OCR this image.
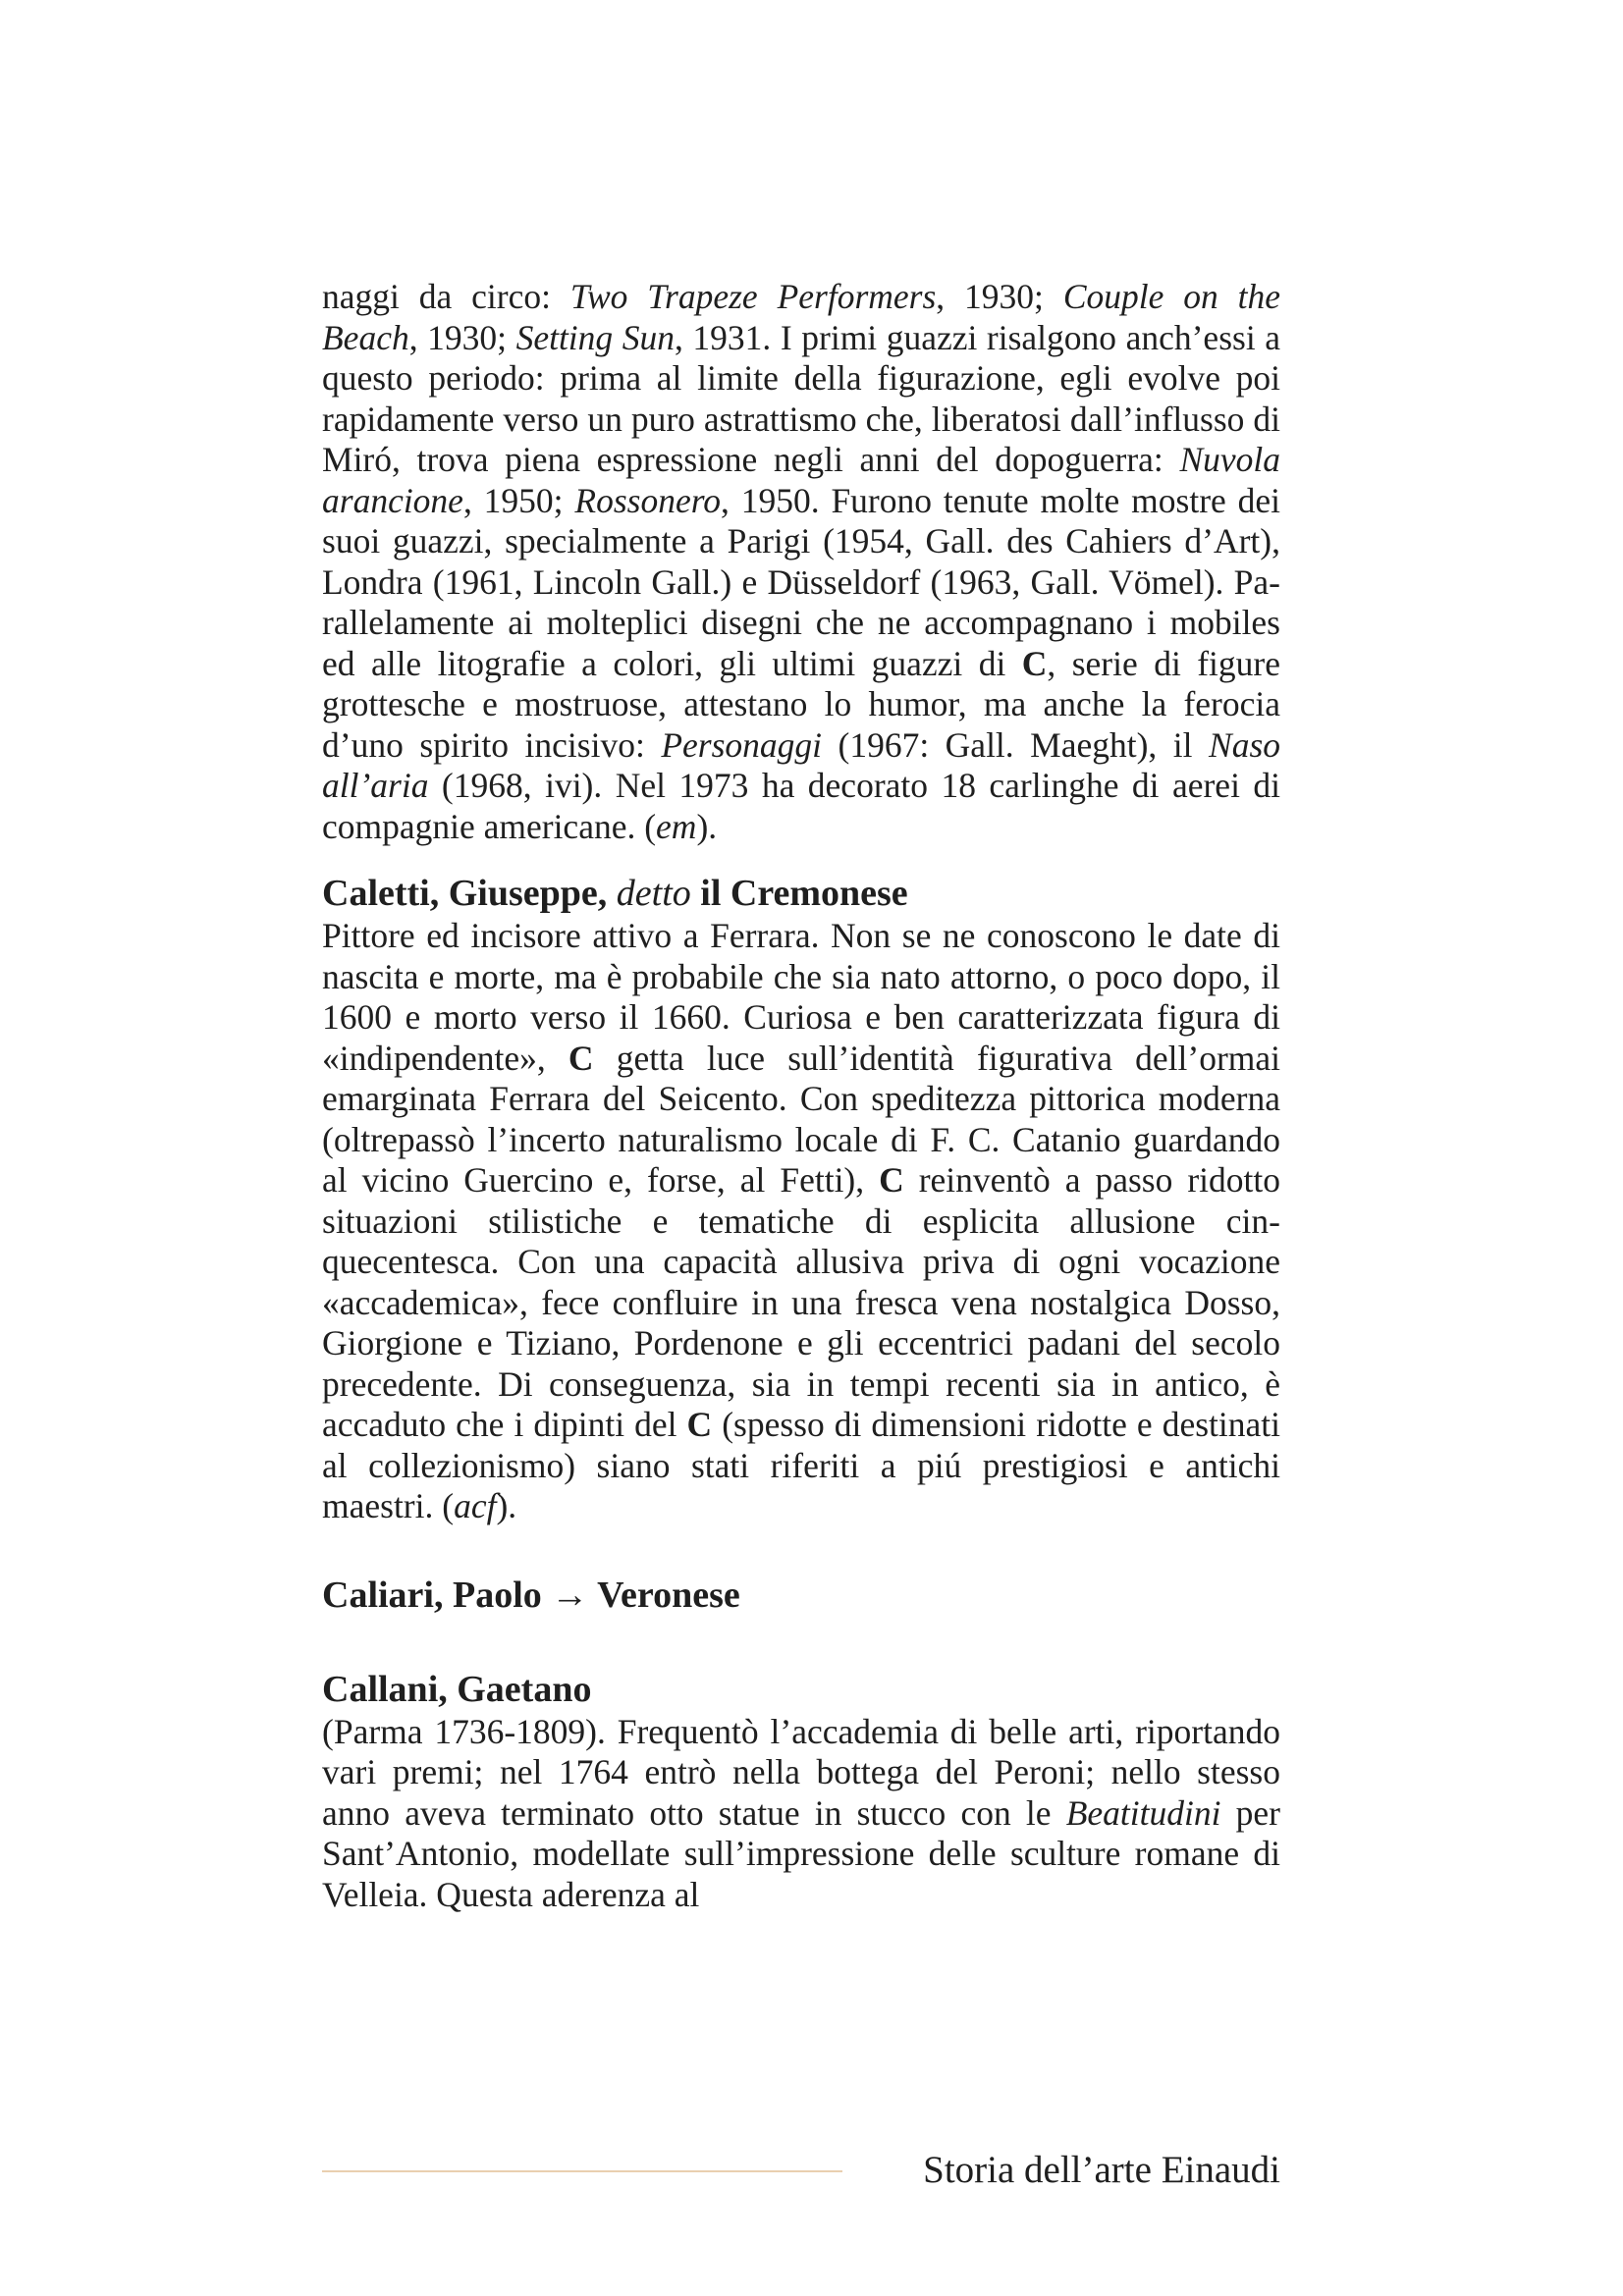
naggi da circo: Two Trapeze Performers, 1930; Couple on the Beach, 1930; Setting Sun, 1931. I primi guazzi risalgono anch’essi a questo periodo: prima al limite della figurazione, egli evolve poi rapidamente verso un puro astrattismo che, liberatosi dall’influsso di Miró, trova piena espressione negli anni del dopoguerra: Nuvola arancione, 1950; Rossonero, 1950. Furono tenute molte mostre dei suoi guazzi, specialmente a Parigi (1954, Gall. des Cahiers d’Art), Londra (1961, Lincoln Gall.) e Düsseldorf (1963, Gall. Vömel). Parallelamente ai molteplici disegni che ne accompagnano i mobiles ed alle litografie a colori, gli ultimi guazzi di C, serie di figure grottesche e mostruose, attestano lo humor, ma anche la ferocia d’uno spirito incisivo: Personaggi (1967: Gall. Maeght), il Naso all’aria (1968, ivi). Nel 1973 ha decorato 18 carlinghe di aerei di compagnie americane. (em).

Caletti, Giuseppe, detto il Cremonese

Pittore ed incisore attivo a Ferrara. Non se ne conoscono le date di nascita e morte, ma è probabile che sia nato attorno, o poco dopo, il 1600 e morto verso il 1660. Curiosa e ben caratterizzata figura di «indipendente», C getta luce sull’identità figurativa dell’ormai emarginata Ferrara del Seicento. Con speditezza pittorica moderna (oltrepassò l’incerto naturalismo locale di F. C. Catanio guardando al vicino Guercino e, forse, al Fetti), C reinventò a passo ridotto situazioni stilistiche e tematiche di esplicita allusione cinquecentesca. Con una capacità allusiva priva di ogni vocazione «accademica», fece confluire in una fresca vena nostalgica Dosso, Giorgione e Tiziano, Pordenone e gli eccentrici padani del secolo precedente. Di conseguenza, sia in tempi recenti sia in antico, è accaduto che i dipinti del C (spesso di dimensioni ridotte e destinati al collezionismo) siano stati riferiti a piú prestigiosi e antichi maestri. (acf).

Caliari, Paolo → Veronese
Callani, Gaetano

(Parma 1736-1809). Frequentò l’accademia di belle arti, riportando vari premi; nel 1764 entrò nella bottega del Peroni; nello stesso anno aveva terminato otto statue in stucco con le Beatitudini per Sant’Antonio, modellate sull’impressione delle sculture romane di Velleia. Questa aderenza al

Storia dell’arte Einaudi
